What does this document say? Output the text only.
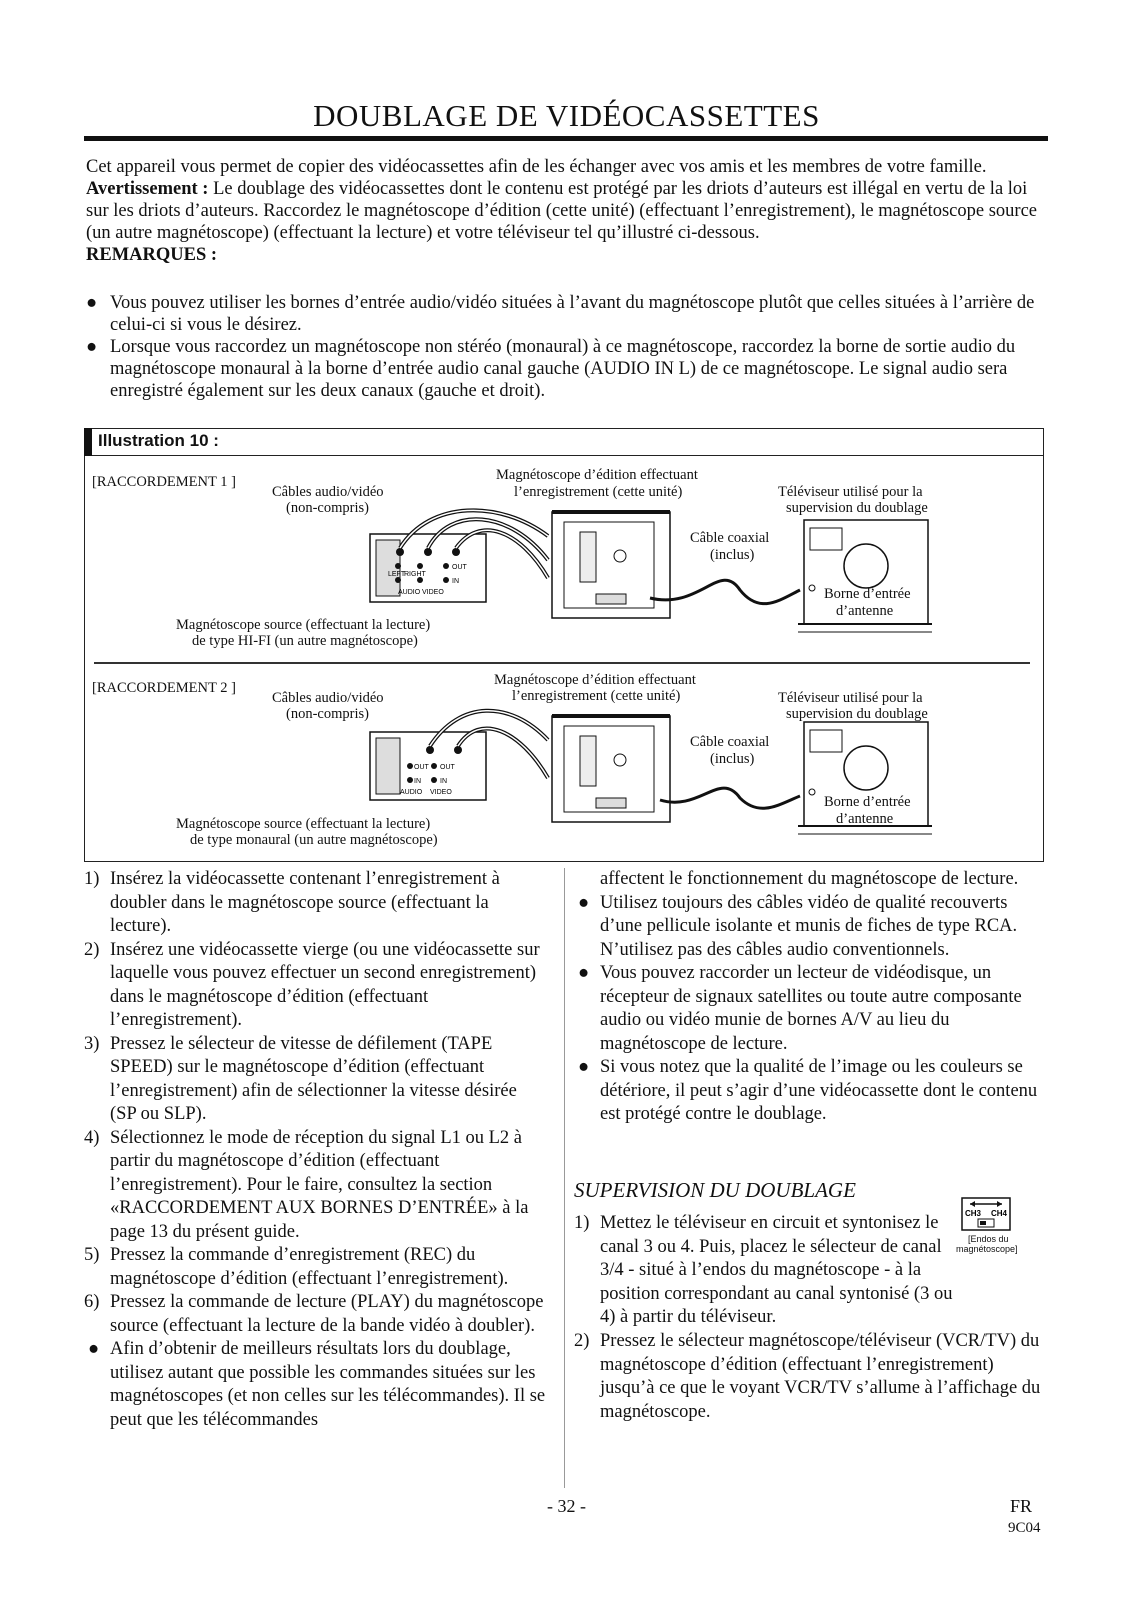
DOUBLAGE DE VIDÉOCASSETTES

Cet appareil vous permet de copier des vidéocassettes afin de les échanger avec vos amis et les membres de votre famille.

Avertissement : Le doublage des vidéocassettes dont le contenu est protégé par les driots d’auteurs est illégal en vertu de la loi sur les driots d’auteurs. Raccordez le magnétoscope d’édition (cette unité) (effectuant l’enregistrement), le magnétoscope source (un autre magnétoscope) (effectuant la lecture) et votre téléviseur tel qu’illustré ci-dessous.

REMARQUES :

● Vous pouvez utiliser les bornes d’entrée audio/vidéo situées à l’avant du magnétoscope plutôt que celles situées à l’arrière de celui-ci si vous le désirez.
● Lorsque vous raccordez un magnétoscope non stéréo (monaural) à ce magnétoscope, raccordez la borne de sortie audio du magnétoscope monaural à la borne d’entrée audio canal gauche (AUDIO IN L) de ce magnétoscope. Le signal audio sera enregistré également sur les deux canaux (gauche et droit).
Illustration 10 :
[RACCORDEMENT 1 ]
Câbles audio/vidéo
(non-compris)
Magnétoscope d’édition effectuant
l’enregistrement (cette unité)	Téléviseur utilisé pour la
supervision du doublage
Câble coaxial
(inclus)
Borne d’entrée
d’antenne
Magnétoscope source (effectuant la lecture)
de type HI-FI (un autre magnétoscope)
[RACCORDEMENT 2 ]
Câbles audio/vidéo
(non-compris)
Magnétoscope d’édition effectuant
l’enregistrement (cette unité)	Téléviseur utilisé pour la
supervision du doublage
Câble coaxial
(inclus)
Borne d’entrée
d’antenne
Magnétoscope source (effectuant la lecture)
de type monaural (un autre magnétoscope)
LEFT
RIGHT
OUT
IN
AUDIO VIDEO
OUT OUT
IN	IN
AUDIO VIDEO
1) Insérez la vidéocassette contenant l’enregistrement à doubler dans le magnétoscope source (effectuant la lecture).
2) Insérez une vidéocassette vierge (ou une vidéocassette sur laquelle vous pouvez effectuer un second enregistrement) dans le magnétoscope d’édition (effectuant l’enregistrement).
3) Pressez le sélecteur de vitesse de défilement (TAPE SPEED) sur le magnétoscope d’édition (effectuant l’enregistrement) afin de sélectionner la vitesse désirée (SP ou SLP).
4) Sélectionnez le mode de réception du signal L1 ou L2 à partir du magnétoscope d’édition (effectuant l’enregistrement). Pour le faire, consultez la section «RACCORDEMENT AUX BORNES D’ENTRÉE» à la page 13 du présent guide.
5) Pressez la commande d’enregistrement (REC) du magnétoscope d’édition (effectuant l’enregistrement).
6) Pressez la commande de lecture (PLAY) du magnétoscope source (effectuant la lecture de la bande vidéo à doubler).
● Afin d’obtenir de meilleurs résultats lors du doublage, utilisez autant que possible les commandes situées sur les magnétoscopes (et non celles sur les télécommandes). Il se peut que les télécommandes
affectent le fonctionnement du magnétoscope de lecture.
● Utilisez toujours des câbles vidéo de qualité recouverts d’une pellicule isolante et munis de fiches de type RCA. N’utilisez pas des câbles audio conventionnels.
● Vous pouvez raccorder un lecteur de vidéodisque, un récepteur de signaux satellites ou toute autre composante audio ou vidéo munie de bornes A/V au lieu du magnétoscope de lecture.
● Si vous notez que la qualité de l’image ou les couleurs se détériore, il peut s’agir d’une vidéocassette dont le contenu est protégé contre le doublage.
SUPERVISION DU DOUBLAGE
CH3 CH4
[Endos du
magnétoscope]
1) Mettez le téléviseur en circuit et syntonisez le canal 3 ou 4. Puis, placez le sélecteur de canal 3/4 - situé à l’endos du magnétoscope - à la position correspondant au canal syntonisé (3 ou 4) à partir du téléviseur.
2) Pressez le sélecteur magnétoscope/téléviseur (VCR/TV) du magnétoscope d’édition (effectuant l’enregistrement) jusqu’à ce que le voyant VCR/TV s’allume à l’affichage du magnétoscope.
- 32 -	FR
9C04
